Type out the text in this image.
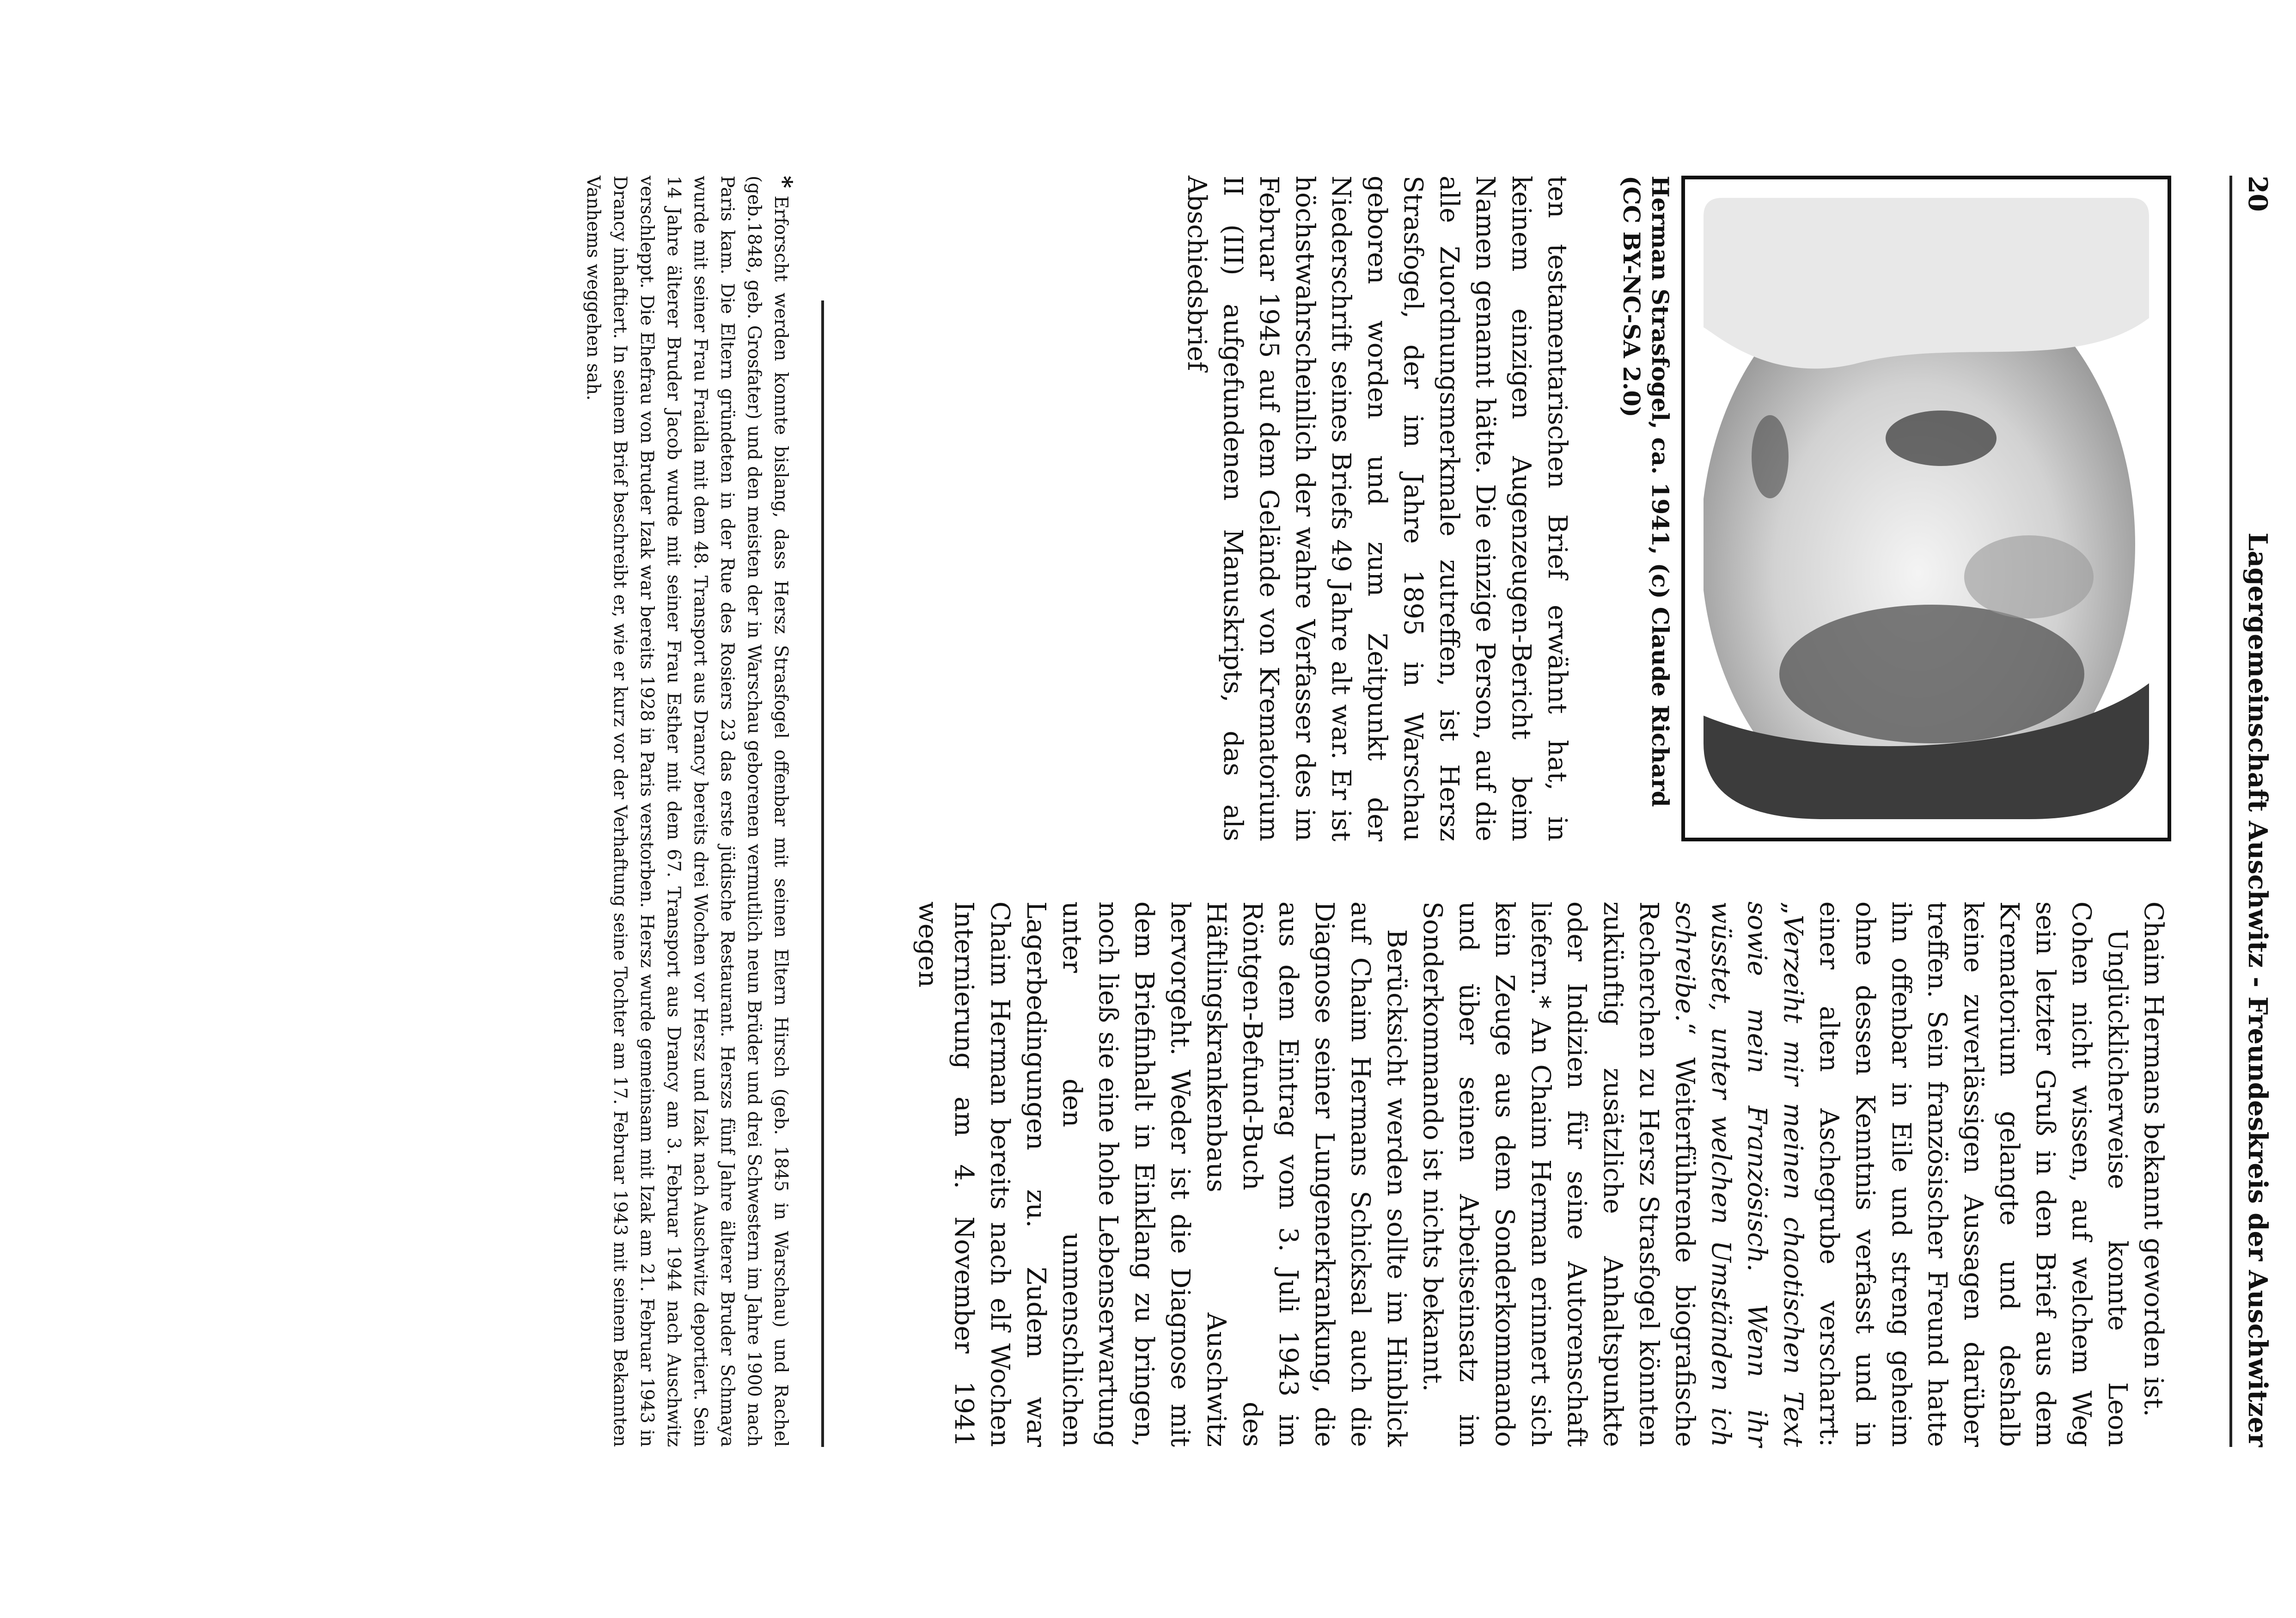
20
Lagergemeinschaft Auschwitz - Freundeskreis der Auschwitzer
Herman Strasfogel, ca. 1941, (c) Claude Richard (CC BY-NC-SA 2.0)

ten testamentarischen Brief erwähnt hat, in keinem einzigen Augenzeugen-Bericht beim Namen genannt hätte. Die einzige Person, auf die alle Zuordnungsmerkmale zutreffen, ist Hersz Strasfogel, der im Jahre 1895 in Warschau geboren worden und zum Zeitpunkt der Niederschrift seines Briefs 49 Jahre alt war. Er ist höchstwahrscheinlich der wahre Verfasser des im Februar 1945 auf dem Gelände von Krematorium II (III) aufgefundenen Manuskripts, das als Abschiedsbrief

Chaim Hermans bekannt geworden ist.

Unglücklicherweise konnte Leon Cohen nicht wissen, auf welchem Weg sein letzter Gruß in den Brief aus dem Krematorium gelangte und deshalb keine zuverlässigen Aussagen darüber treffen. Sein französischer Freund hatte ihn offenbar in Eile und streng geheim ohne dessen Kenntnis verfasst und in einer alten Aschegrube verscharrt: „Verzeiht mir meinen chaotischen Text sowie mein Französisch. Wenn ihr wüsstet, unter welchen Umständen ich schreibe.“ Weiterführende biografische Recherchen zu Hersz Strasfogel könnten zukünftig zusätzliche Anhaltspunkte oder Indizien für seine Autorenschaft liefern.* An Chaim Herman erinnert sich kein Zeuge aus dem Sonderkommando und über seinen Arbeitseinsatz im Sonderkommando ist nichts bekannt.

Berücksicht werden sollte im Hinblick auf Chaim Hermans Schicksal auch die Diagnose seiner Lungenerkrankung, die aus dem Eintrag vom 3. Juli 1943 im Röntgen-Befund-Buch des Häftlingskrankenbaus Auschwitz hervorgeht. Weder ist die Diagnose mit dem Briefinhalt in Einklang zu bringen, noch ließ sie eine hohe Lebenserwartung unter den unmenschlichen Lagerbedingungen zu. Zudem war Chaim Herman bereits nach elf Wochen Internierung am 4. November 1941 wegen

*Erforscht werden konnte bislang, dass Hersz Strasfogel offenbar mit seinen Eltern Hirsch (geb. 1845 in Warschau) und Rachel (geb.1848, geb. Grosfater) und den meisten der in Warschau geborenen vermutlich neun Brüder und drei Schwestern im Jahre 1900 nach Paris kam. Die Eltern gründeten in der Rue des Rosiers 23 das erste jüdische Restaurant. Herszs fünf Jahre älterer Bruder Schmaya wurde mit seiner Frau Fraidla mit dem 48. Transport aus Drancy bereits drei Wochen vor Hersz und Izak nach Auschwitz deportiert. Sein 14 Jahre älterer Bruder Jacob wurde mit seiner Frau Esther mit dem 67. Transport aus Drancy am 3. Februar 1944 nach Auschwitz verschleppt. Die Ehefrau von Bruder Izak war bereits 1928 in Paris verstorben. Hersz wurde gemeinsam mit Izak am 21. Februar 1943 in Drancy inhaftiert. In seinem Brief beschreibt er, wie er kurz vor der Verhaftung seine Tochter am 17. Februar 1943 mit seinem Bekannten Vanhems weggehen sah.
